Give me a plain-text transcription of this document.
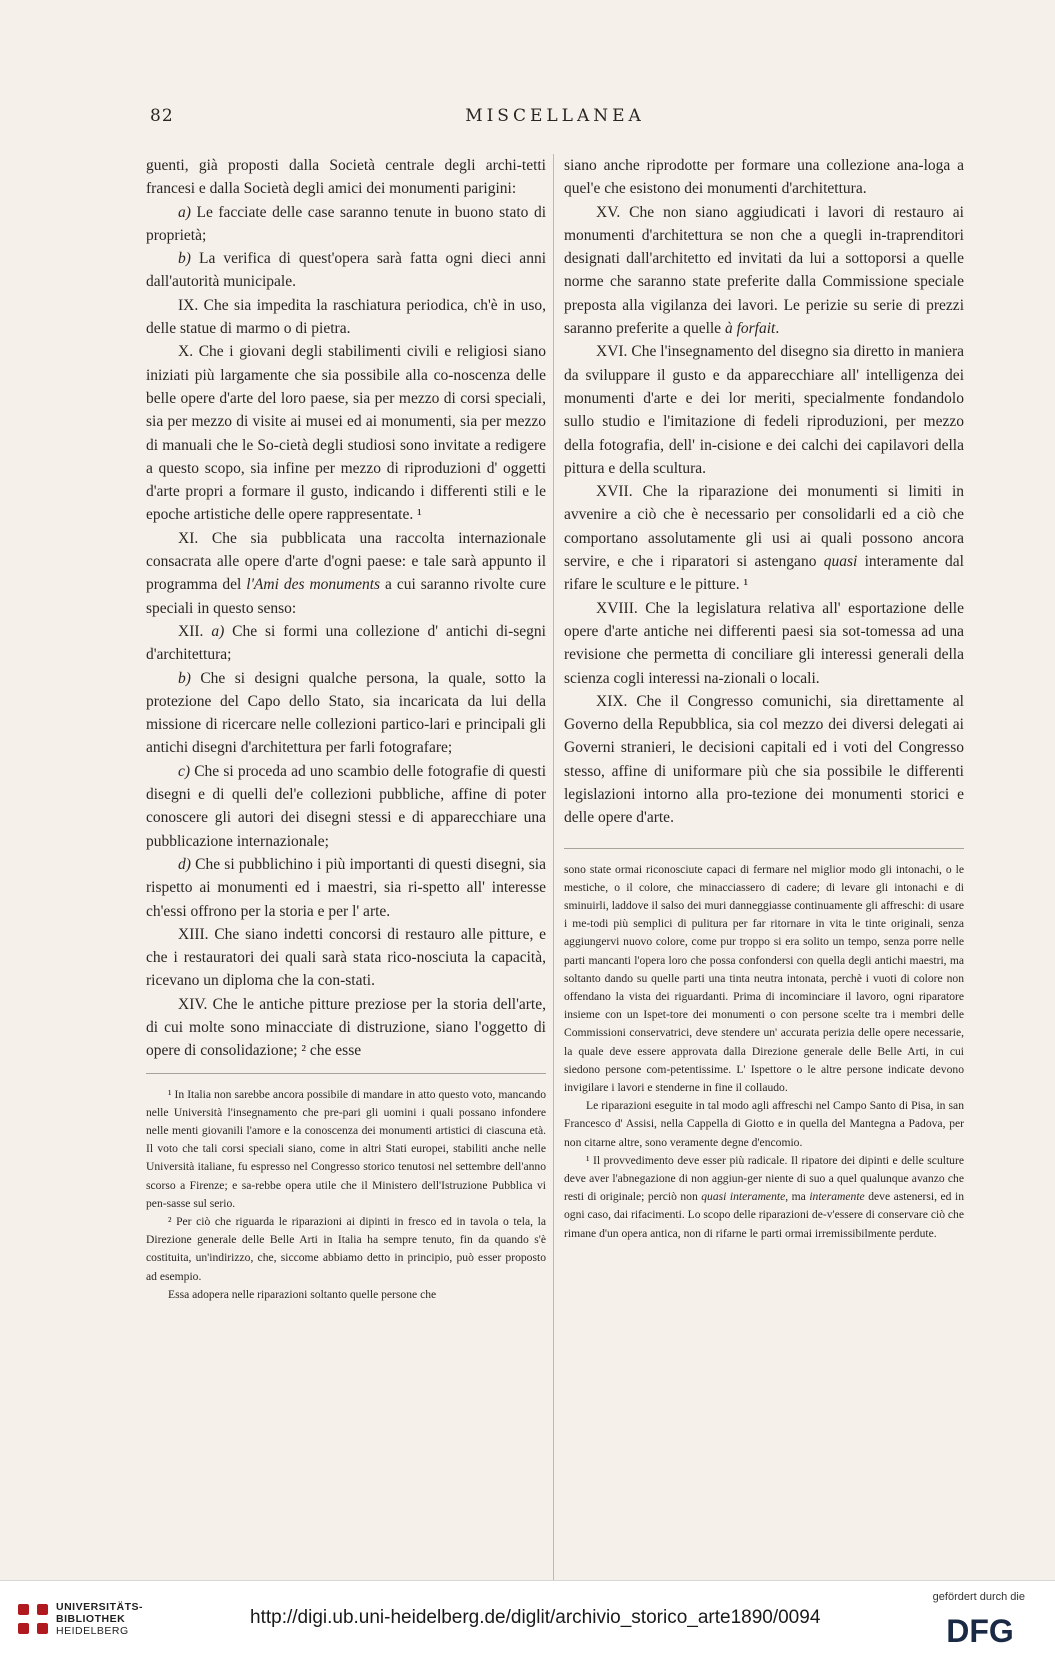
82	MISCELLANEA

guenti, già proposti dalla Società centrale degli archi-tetti francesi e dalla Società degli amici dei monumenti parigini:

a) Le facciate delle case saranno tenute in buono stato di proprietà;

b) La verifica di quest'opera sarà fatta ogni dieci anni dall'autorità municipale.

IX. Che sia impedita la raschiatura periodica, ch'è in uso, delle statue di marmo o di pietra.

X. Che i giovani degli stabilimenti civili e religiosi siano iniziati più largamente che sia possibile alla co-noscenza delle belle opere d'arte del loro paese, sia per mezzo di corsi speciali, sia per mezzo di visite ai musei ed ai monumenti, sia per mezzo di manuali che le So-cietà degli studiosi sono invitate a redigere a questo scopo, sia infine per mezzo di riproduzioni d' oggetti d'arte propri a formare il gusto, indicando i differenti stili e le epoche artistiche delle opere rappresentate. ¹

XI. Che sia pubblicata una raccolta internazionale consacrata alle opere d'arte d'ogni paese: e tale sarà appunto il programma del l'Ami des monuments a cui saranno rivolte cure speciali in questo senso:

XII. a) Che si formi una collezione d' antichi di-segni d'architettura;

b) Che si designi qualche persona, la quale, sotto la protezione del Capo dello Stato, sia incaricata da lui della missione di ricercare nelle collezioni partico-lari e principali gli antichi disegni d'architettura per farli fotografare;

c) Che si proceda ad uno scambio delle fotografie di questi disegni e di quelli del'e collezioni pubbliche, affine di poter conoscere gli autori dei disegni stessi e di apparecchiare una pubblicazione internazionale;

d) Che si pubblichino i più importanti di questi disegni, sia rispetto ai monumenti ed i maestri, sia ri-spetto all' interesse ch'essi offrono per la storia e per l' arte.

XIII. Che siano indetti concorsi di restauro alle pitture, e che i restauratori dei quali sarà stata rico-nosciuta la capacità, ricevano un diploma che la con-stati.

XIV. Che le antiche pitture preziose per la storia dell'arte, di cui molte sono minacciate di distruzione, siano l'oggetto di opere di consolidazione; ² che esse

¹ In Italia non sarebbe ancora possibile di mandare in atto questo voto, mancando nelle Università l'insegnamento che pre-pari gli uomini i quali possano infondere nelle menti giovanili l'amore e la conoscenza dei monumenti artistici di ciascuna età. Il voto che tali corsi speciali siano, come in altri Stati europei, stabiliti anche nelle Università italiane, fu espresso nel Congresso storico tenutosi nel settembre dell'anno scorso a Firenze; e sa-rebbe opera utile che il Ministero dell'Istruzione Pubblica vi pen-sasse sul serio.

² Per ciò che riguarda le riparazioni ai dipinti in fresco ed in tavola o tela, la Direzione generale delle Belle Arti in Italia ha sempre tenuto, fin da quando s'è costituita, un'indirizzo, che, siccome abbiamo detto in principio, può esser proposto ad esempio.

Essa adopera nelle riparazioni soltanto quelle persone che

siano anche riprodotte per formare una collezione ana-loga a quel'e che esistono dei monumenti d'architettura.

XV. Che non siano aggiudicati i lavori di restauro ai monumenti d'architettura se non che a quegli in-traprenditori designati dall'architetto ed invitati da lui a sottoporsi a quelle norme che saranno state preferite dalla Commissione speciale preposta alla vigilanza dei lavori. Le perizie su serie di prezzi saranno preferite a quelle à forfait.

XVI. Che l'insegnamento del disegno sia diretto in maniera da sviluppare il gusto e da apparecchiare all' intelligenza dei monumenti d'arte e dei lor meriti, specialmente fondandolo sullo studio e l'imitazione di fedeli riproduzioni, per mezzo della fotografia, dell' in-cisione e dei calchi dei capilavori della pittura e della scultura.

XVII. Che la riparazione dei monumenti si limiti in avvenire a ciò che è necessario per consolidarli ed a ciò che comportano assolutamente gli usi ai quali possono ancora servire, e che i riparatori si astengano quasi interamente dal rifare le sculture e le pitture. ¹

XVIII. Che la legislatura relativa all' esportazione delle opere d'arte antiche nei differenti paesi sia sot-tomessa ad una revisione che permetta di conciliare gli interessi generali della scienza cogli interessi na-zionali o locali.

XIX. Che il Congresso comunichi, sia direttamente al Governo della Repubblica, sia col mezzo dei diversi delegati ai Governi stranieri, le decisioni capitali ed i voti del Congresso stesso, affine di uniformare più che sia possibile le differenti legislazioni intorno alla pro-tezione dei monumenti storici e delle opere d'arte.

sono state ormai riconosciute capaci di fermare nel miglior modo gli intonachi, o le mestiche, o il colore, che minacciassero di cadere; di levare gli intonachi e di sminuirli, laddove il salso dei muri danneggiasse continuamente gli affreschi: di usare i me-todi più semplici di pulitura per far ritornare in vita le tinte originali, senza aggiungervi nuovo colore, come pur troppo si era solito un tempo, senza porre nelle parti mancanti l'opera loro che possa confondersi con quella degli antichi maestri, ma soltanto dando su quelle parti una tinta neutra intonata, perchè i vuoti di colore non offendano la vista dei riguardanti. Prima di incominciare il lavoro, ogni riparatore insieme con un Ispet-tore dei monumenti o con persone scelte tra i membri delle Commissioni conservatrici, deve stendere un' accurata perizia delle opere necessarie, la quale deve essere approvata dalla Direzione generale delle Belle Arti, in cui siedono persone com-petentissime. L' Ispettore o le altre persone indicate devono invigilare i lavori e stenderne in fine il collaudo.

Le riparazioni eseguite in tal modo agli affreschi nel Campo Santo di Pisa, in san Francesco d' Assisi, nella Cappella di Giotto e in quella del Mantegna a Padova, per non citarne altre, sono veramente degne d'encomio.

¹ Il provvedimento deve esser più radicale. Il ripatore dei dipinti e delle sculture deve aver l'abnegazione di non aggiun-ger niente di suo a quel qualunque avanzo che resti di originale; perciò non quasi interamente, ma interamente deve astenersi, ed in ogni caso, dai rifacimenti. Lo scopo delle riparazioni de-v'essere di conservare ciò che rimane d'un opera antica, non di rifarne le parti ormai irremissibilmente perdute.

UNIVERSITÄTS-
BIBLIOTHEK
HEIDELBERG
http://digi.ub.uni-heidelberg.de/diglit/archivio_storico_arte1890/0094
gefördert durch die
DFG
